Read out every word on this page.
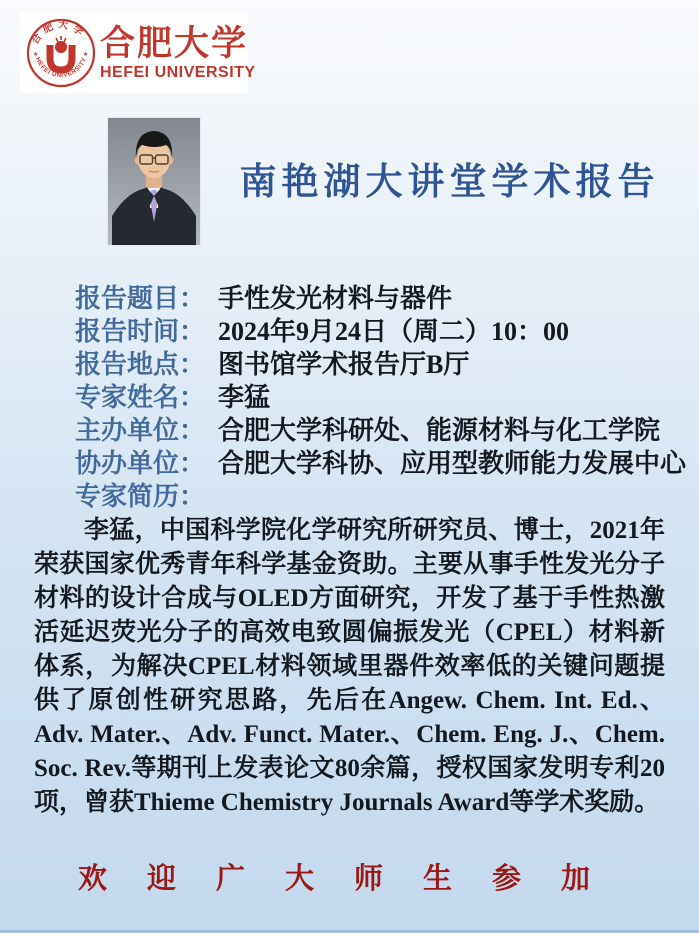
合肥大学
HEFEI UNIVERSITY
★	★ 合肥大学
HEFEI UNIVERSITY
南艳湖大讲堂学术报告
报告题目： 手性发光材料与器件
报告时间： 2024年9月24日（周二）10：00
报告地点： 图书馆学术报告厅B厅
专家姓名： 李猛
主办单位： 合肥大学科研处、能源材料与化工学院
协办单位： 合肥大学科协、应用型教师能力发展中心
专家简历：
李猛，中国科学院化学研究所研究员、博士，2021年荣获国家优秀青年科学基金资助。主要从事手性发光分子材料的设计合成与OLED方面研究，开发了基于手性热激活延迟荧光分子的高效电致圆偏振发光（CPEL）材料新体系，为解决CPEL材料领域里器件效率低的关键问题提供了原创性研究思路，先后在Angew. Chem. Int. Ed.、Adv. Mater.、Adv. Funct. Mater.、Chem. Eng. J.、Chem. Soc. Rev.等期刊上发表论文80余篇，授权国家发明专利20项，曾获Thieme Chemistry Journals Award等学术奖励。
欢迎广大师生参加
